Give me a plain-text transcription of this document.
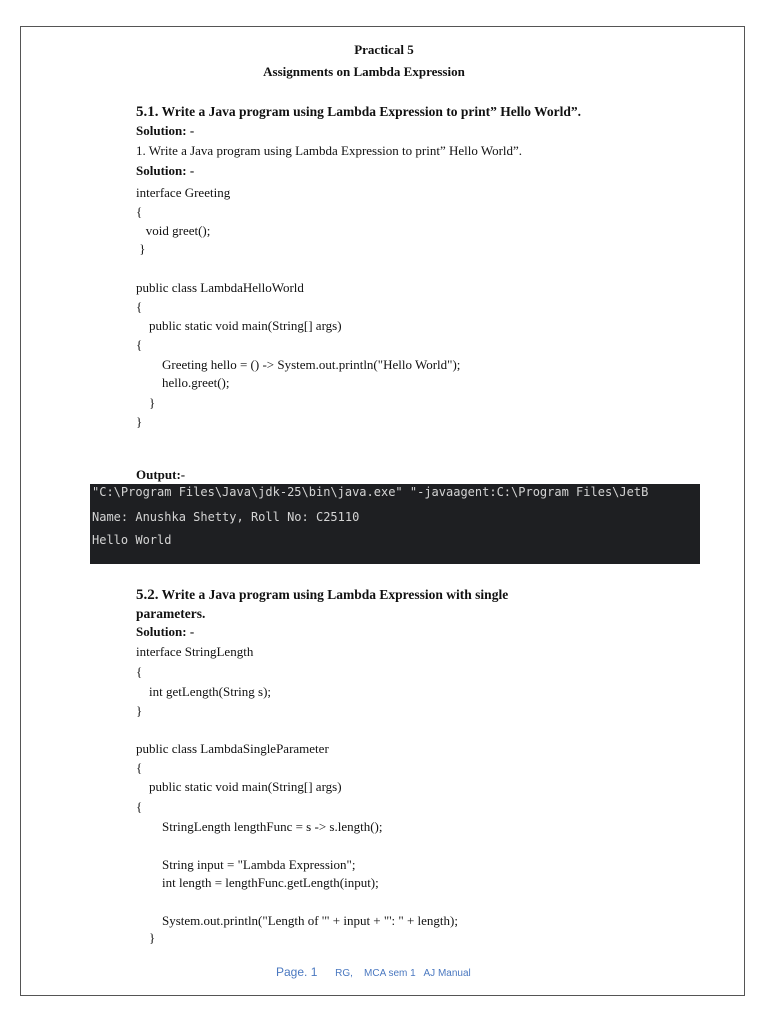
Practical 5
Assignments on Lambda Expression
5.1. Write a Java program using Lambda Expression to print” Hello World”.
Solution: -
1. Write a Java program using Lambda Expression to print” Hello World”.
Solution: -
interface Greeting
{
void greet();
}
public class LambdaHelloWorld
{
public static void main(String[] args)
{
Greeting hello = () -> System.out.println("Hello World");
hello.greet();
}
}
Output:-
"C:\Program Files\Java\jdk-25\bin\java.exe" "-javaagent:C:\Program Files\JetB
Name: Anushka Shetty, Roll No: C25110
Hello World
5.2. Write a Java program using Lambda Expression with single
parameters.
Solution: -
interface StringLength
{
int getLength(String s);
}
public class LambdaSingleParameter
{
public static void main(String[] args)
{
StringLength lengthFunc = s -> s.length();
String input = "Lambda Expression";
int length = lengthFunc.getLength(input);
System.out.println("Length of '" + input + "': " + length);
}
Page. 1 RG,    MCA sem 1   AJ Manual
